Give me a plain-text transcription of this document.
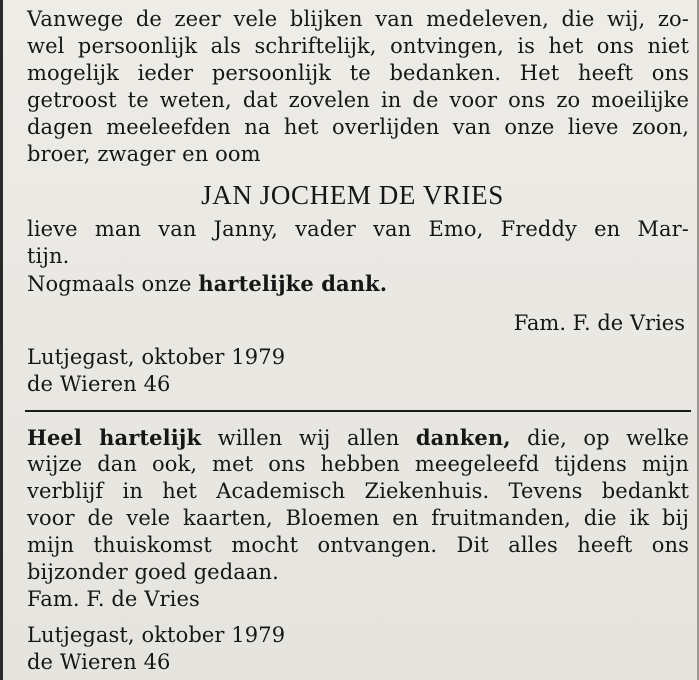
Vanwege de zeer vele blijken van medeleven, die wij, zo-
wel persoonlijk als schriftelijk, ontvingen, is het ons niet
mogelijk ieder persoonlijk te bedanken. Het heeft ons
getroost te weten, dat zovelen in de voor ons zo moeilijke
dagen meeleefden na het overlijden van onze lieve zoon,
broer, zwager en oom
JAN JOCHEM DE VRIES
lieve man van Janny, vader van Emo, Freddy en Mar-
tijn.
Nogmaals onze hartelijke dank.
Fam. F. de Vries
Lutjegast, oktober 1979
de Wieren 46
Heel hartelijk willen wij allen danken, die, op welke
wijze dan ook, met ons hebben meegeleefd tijdens mijn
verblijf in het Academisch Ziekenhuis. Tevens bedankt
voor de vele kaarten, Bloemen en fruitmanden, die ik bij
mijn thuiskomst mocht ontvangen. Dit alles heeft ons
bijzonder goed gedaan.
Fam. F. de Vries
Lutjegast, oktober 1979
de Wieren 46
